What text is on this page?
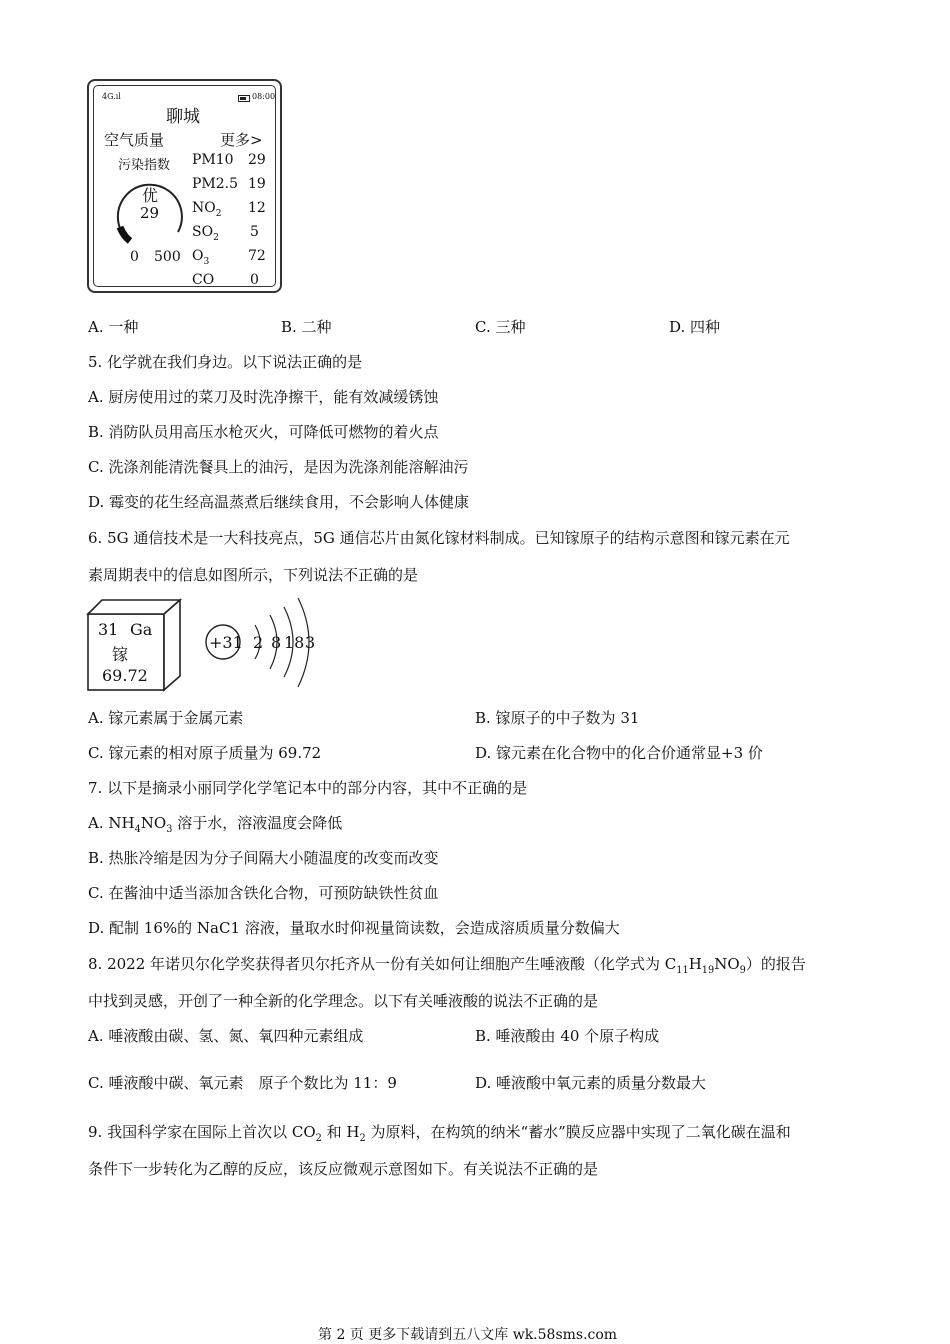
4G.ıl	08:00
聊城
空气质量	更多>
污染指数
优
29
0 500
PM10 29
PM2.5 19
$NO_2$ 12
$SO_2$ 5
$O_3$	72
CO	0
A. 一种	B. 二种	C. 三种	D. 四种
5. 化学就在我们身边。以下说法正确的是
A. 厨房使用过的菜刀及时洗净擦干，能有效减缓锈蚀
B. 消防队员用高压水枪灭火，可降低可燃物的着火点
C. 洗涤剂能清洗餐具上的油污，是因为洗涤剂能溶解油污
D. 霉变的花生经高温蒸煮后继续食用，不会影响人体健康
6. 5G 通信技术是一大科技亮点，5G 通信芯片由氮化镓材料制成。已知镓原子的结构示意图和镓元素在元
素周期表中的信息如图所示，下列说法不正确的是
31 Ga
镓
69.72
+31 2 8 18 3
A. 镓元素属于金属元素	B. 镓原子的中子数为 31
C. 镓元素的相对原子质量为 69.72	D. 镓元素在化合物中的化合价通常显+3 价
7. 以下是摘录小丽同学化学笔记本中的部分内容，其中不正确的是
A. $NH_4NO_3$ 溶于水，溶液温度会降低
B. 热胀冷缩是因为分子间隔大小随温度的改变而改变
C. 在酱油中适当添加含铁化合物，可预防缺铁性贫血
D. 配制 16%的 NaC1 溶液，量取水时仰视量筒读数，会造成溶质质量分数偏大
8. 2022 年诺贝尔化学奖获得者贝尔托齐从一份有关如何让细胞产生唾液酸（化学式为 $C_{11}H_{19}NO_9$）的报告
中找到灵感，开创了一种全新的化学理念。以下有关唾液酸的说法不正确的是
A. 唾液酸由碳、氢、氮、氧四种元素组成	B. 唾液酸由 40 个原子构成
C. 唾液酸中碳、氧元素　原子个数比为 11：9	D. 唾液酸中氧元素的质量分数最大
9. 我国科学家在国际上首次以 $CO_2$ 和 $H_2$ 为原料，在构筑的纳米“蓄水”膜反应器中实现了二氧化碳在温和
条件下一步转化为乙醇的反应，该反应微观示意图如下。有关说法不正确的是
第 2 页 更多下载请到五八文库 wk.58sms.com
